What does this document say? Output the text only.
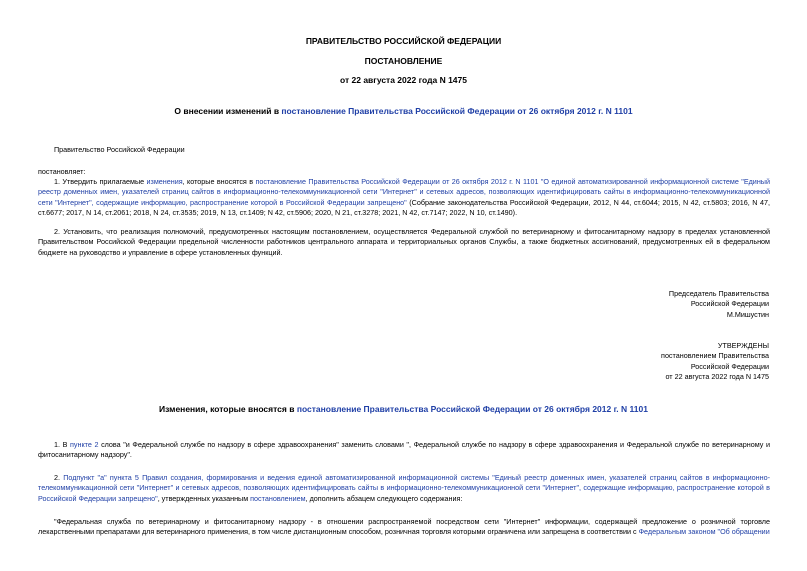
ПРАВИТЕЛЬСТВО РОССИЙСКОЙ ФЕДЕРАЦИИ
ПОСТАНОВЛЕНИЕ
от 22 августа 2022 года N 1475
О внесении изменений в постановление Правительства Российской Федерации от 26 октября 2012 г. N 1101
Правительство Российской Федерации
постановляет:
1. Утвердить прилагаемые изменения, которые вносятся в постановление Правительства Российской Федерации от 26 октября 2012 г. N 1101 "О единой автоматизированной информационной системе "Единый реестр доменных имен, указателей страниц сайтов в информационно-телекоммуникационной сети "Интернет" и сетевых адресов, позволяющих идентифицировать сайты в информационно-телекоммуникационной сети "Интернет", содержащие информацию, распространение которой в Российской Федерации запрещено" (Собрание законодательства Российской Федерации, 2012, N 44, ст.6044; 2015, N 42, ст.5803; 2016, N 47, ст.6677; 2017, N 14, ст.2061; 2018, N 24, ст.3535; 2019, N 13, ст.1409; N 42, ст.5906; 2020, N 21, ст.3278; 2021, N 42, ст.7147; 2022, N 10, ст.1490).
2. Установить, что реализация полномочий, предусмотренных настоящим постановлением, осуществляется Федеральной службой по ветеринарному и фитосанитарному надзору в пределах установленной Правительством Российской Федерации предельной численности работников центрального аппарата и территориальных органов Службы, а также бюджетных ассигнований, предусмотренных ей в федеральном бюджете на руководство и управление в сфере установленных функций.
Председатель Правительства
Российской Федерации
М.Мишустин
УТВЕРЖДЕНЫ
постановлением Правительства
Российской Федерации
от 22 августа 2022 года N 1475
Изменения, которые вносятся в постановление Правительства Российской Федерации от 26 октября 2012 г. N 1101
1. В пункте 2 слова "и Федеральной службе по надзору в сфере здравоохранения" заменить словами ", Федеральной службе по надзору в сфере здравоохранения и Федеральной службе по ветеринарному и фитосанитарному надзору".
2. Подпункт "а" пункта 5 Правил создания, формирования и ведения единой автоматизированной информационной системы "Единый реестр доменных имен, указателей страниц сайтов в информационно-телекоммуникационной сети "Интернет" и сетевых адресов, позволяющих идентифицировать сайты в информационно-телекоммуникационной сети "Интернет", содержащие информацию, распространение которой в Российской Федерации запрещено", утвержденных указанным постановлением, дополнить абзацем следующего содержания:
"Федеральная служба по ветеринарному и фитосанитарному надзору - в отношении распространяемой посредством сети "Интернет" информации, содержащей предложение о розничной торговле лекарственными препаратами для ветеринарного применения, в том числе дистанционным способом, розничная торговля которыми ограничена или запрещена в соответствии с Федеральным законом "Об обращении
